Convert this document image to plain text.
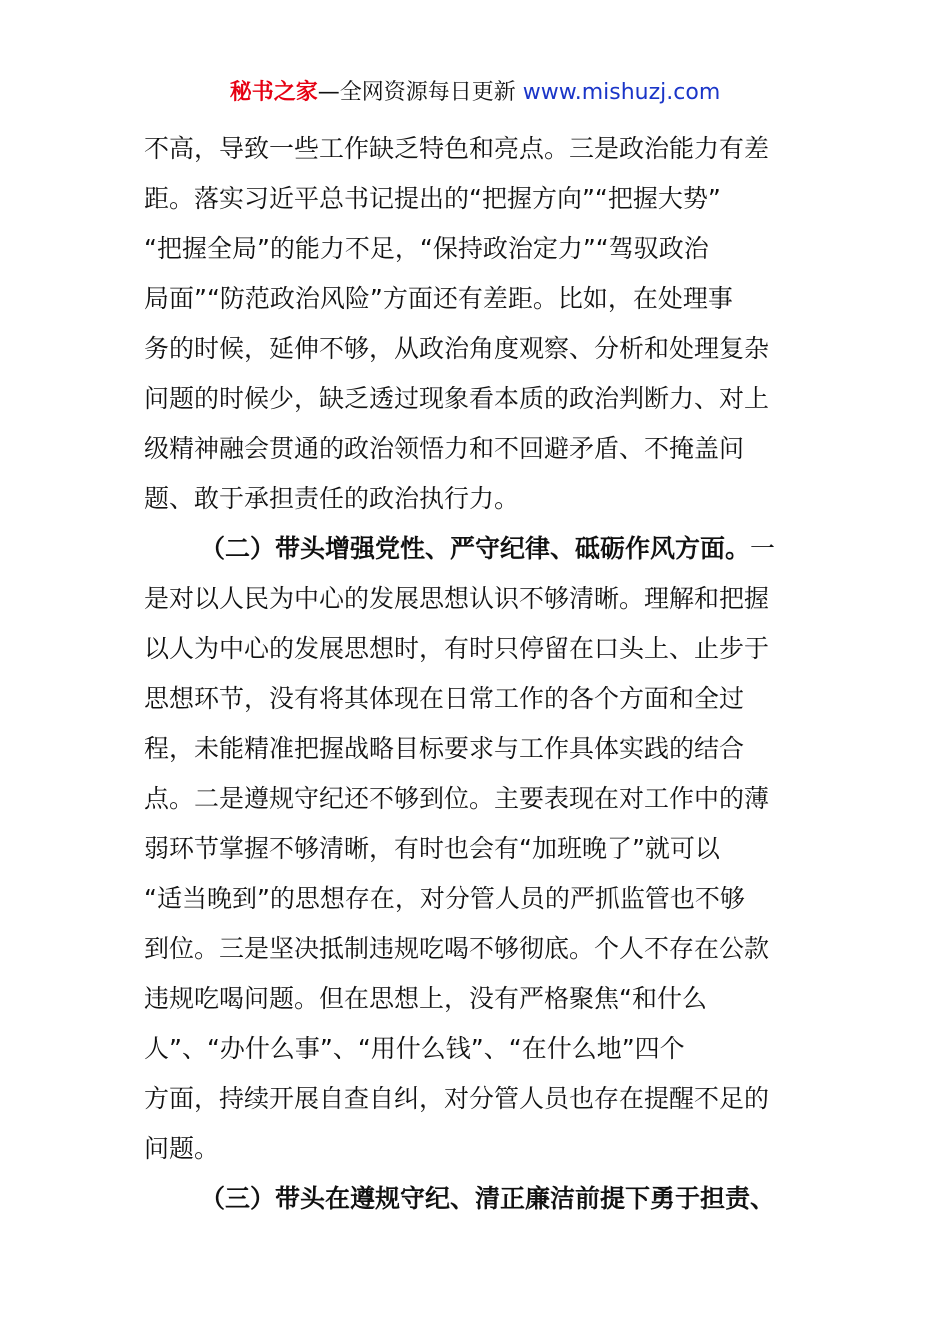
秘书之家—全网资源每日更新 www.mishuzj.com
不高，导致一些工作缺乏特色和亮点。三是政治能力有差
距。落实习近平总书记提出的“把握方向”“把握大势”
“把握全局”的能力不足，“保持政治定力”“驾驭政治
局面”“防范政治风险”方面还有差距。比如，在处理事
务的时候，延伸不够，从政治角度观察、分析和处理复杂
问题的时候少，缺乏透过现象看本质的政治判断力、对上
级精神融会贯通的政治领悟力和不回避矛盾、不掩盖问
题、敢于承担责任的政治执行力。
（二）带头增强党性、严守纪律、砥砺作风方面。一
是对以人民为中心的发展思想认识不够清晰。理解和把握
以人为中心的发展思想时，有时只停留在口头上、止步于
思想环节，没有将其体现在日常工作的各个方面和全过
程，未能精准把握战略目标要求与工作具体实践的结合
点。二是遵规守纪还不够到位。主要表现在对工作中的薄
弱环节掌握不够清晰，有时也会有“加班晚了”就可以
“适当晚到”的思想存在，对分管人员的严抓监管也不够
到位。三是坚决抵制违规吃喝不够彻底。个人不存在公款
违规吃喝问题。但在思想上，没有严格聚焦“和什么
人”、“办什么事”、“用什么钱”、“在什么地”四个
方面，持续开展自查自纠，对分管人员也存在提醒不足的
问题。
（三）带头在遵规守纪、清正廉洁前提下勇于担责、
